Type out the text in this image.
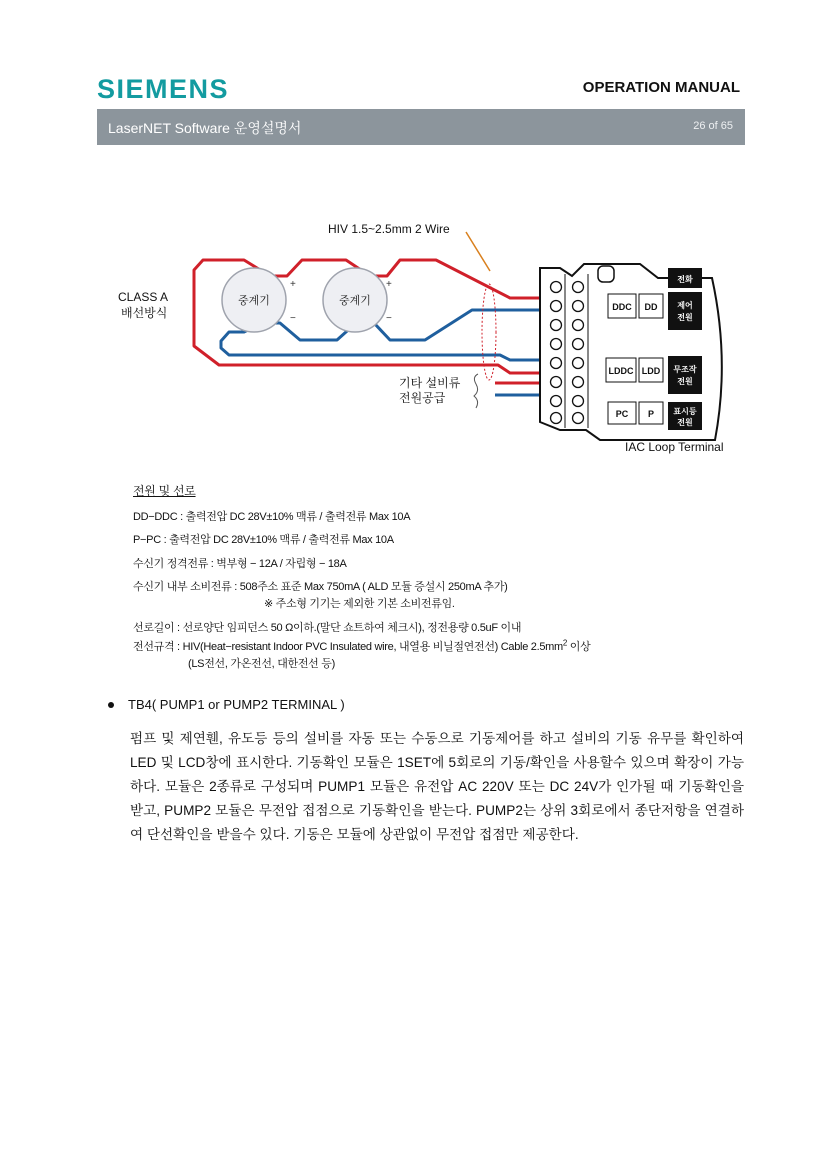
SIEMENS	OPERATION MANUAL
LaserNET Software 운영설명서	26 of 65
HIV 1.5~2.5mm 2 Wire
CLASS A
배선방식
중계기	중계기
+
−
+
−
기타 설비류
전원공급
DDC DD
LDDC LDD
PC P
전화
제어
전원
무조작
전원
표시등
전원
IAC Loop Terminal
전원 및 선로
DD−DDC : 출력전압 DC 28V±10% 맥류 / 출력전류 Max 10A
P−PC : 출력전압 DC 28V±10% 맥류 / 출력전류 Max 10A
수신기 정격전류 : 벽부형 − 12A / 자립형 − 18A
수신기 내부 소비전류 : 508주소 표준 Max 750mA ( ALD 모듈 증설시 250mA 추가)
※ 주소형 기기는 제외한 기본 소비전류임.
선로길이 : 선로양단 임피던스 50 Ω이하.(말단 쇼트하여 체크시), 정전용량 0.5uF 이내
전선규격 : HIV(Heat−resistant Indoor PVC Insulated wire, 내열용 비닐절연전선) Cable $2.5mm^2$ 이상
(LS전선, 가온전선, 대한전선 등)
TB4( PUMP1 or PUMP2 TERMINAL )
펌프 및 제연휀, 유도등 등의 설비를 자동 또는 수동으로 기동제어를 하고 설비의 기동 유무를 확인하여 LED 및 LCD창에 표시한다. 기동확인 모듈은 1SET에 5회로의 기동/확인을 사용할수 있으며 확장이 가능하다. 모듈은 2종류로 구성되며 PUMP1 모듈은 유전압 AC 220V 또는 DC 24V가 인가될 때 기동확인을 받고, PUMP2 모듈은 무전압 접점으로 기동확인을 받는다. PUMP2는 상위 3회로에서 종단저항을 연결하여 단선확인을 받을수 있다. 기동은 모듈에 상관없이 무전압 접점만 제공한다.
